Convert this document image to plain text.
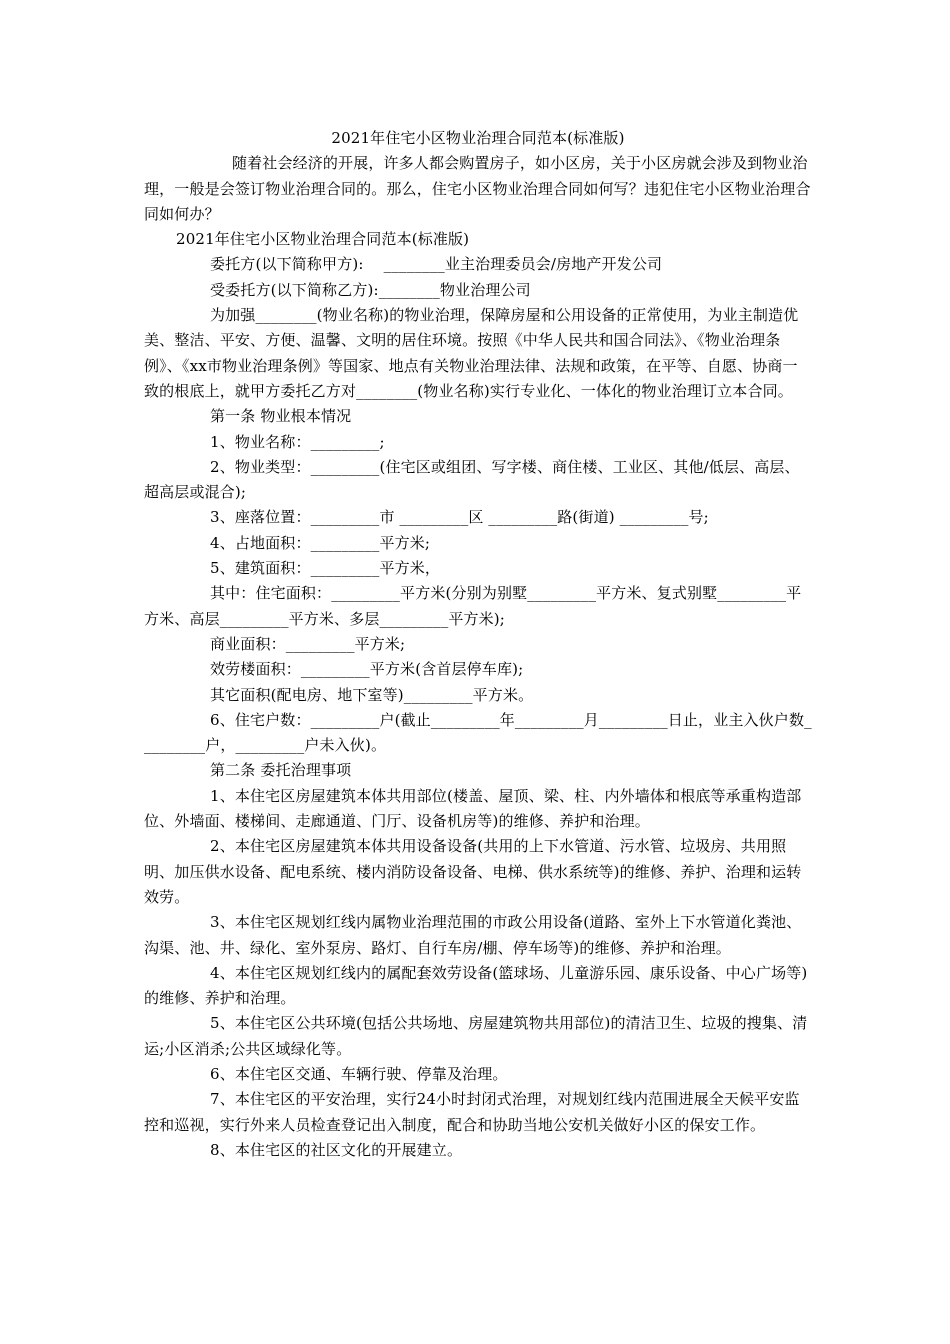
2021年住宅小区物业治理合同范本(标准版)

随着社会经济的开展，许多人都会购置房子，如小区房，关于小区房就会涉及到物业治理，一般是会签订物业治理合同的。那么，住宅小区物业治理合同如何写？违犯住宅小区物业治理合同如何办？

2021年住宅小区物业治理合同范本(标准版)

委托方(以下简称甲方):　 ________业主治理委员会/房地产开发公司

受委托方(以下简称乙方):________物业治理公司

为加强________(物业名称)的物业治理，保障房屋和公用设备的正常使用，为业主制造优美、整洁、平安、方便、温馨、文明的居住环境。按照《中华人民共和国合同法》、《物业治理条例》、《xx市物业治理条例》等国家、地点有关物业治理法律、法规和政策，在平等、自愿、协商一致的根底上，就甲方委托乙方对________(物业名称)实行专业化、一体化的物业治理订立本合同。

第一条 物业根本情况

1、物业名称：_________;

2、物业类型：_________(住宅区或组团、写字楼、商住楼、工业区、其他/低层、高层、超高层或混合);

3、座落位置：_________市 _________区 _________路(街道) _________号;

4、占地面积：_________平方米;

5、建筑面积：_________平方米，

其中：住宅面积：_________平方米(分别为别墅_________平方米、复式别墅_________平方米、高层_________平方米、多层_________平方米);

商业面积：_________平方米;

效劳楼面积：_________平方米(含首层停车库);

其它面积(配电房、地下室等)_________平方米。

6、住宅户数：_________户(截止_________年_________月_________日止，业主入伙户数_________户，_________户未入伙)。

第二条 委托治理事项

1、本住宅区房屋建筑本体共用部位(楼盖、屋顶、梁、柱、内外墙体和根底等承重构造部位、外墙面、楼梯间、走廊通道、门厅、设备机房等)的维修、养护和治理。

2、本住宅区房屋建筑本体共用设备设备(共用的上下水管道、污水管、垃圾房、共用照明、加压供水设备、配电系统、楼内消防设备设备、电梯、供水系统等)的维修、养护、治理和运转效劳。

3、本住宅区规划红线内属物业治理范围的市政公用设备(道路、室外上下水管道化粪池、沟渠、池、井、绿化、室外泵房、路灯、自行车房/棚、停车场等)的维修、养护和治理。

4、本住宅区规划红线内的属配套效劳设备(篮球场、儿童游乐园、康乐设备、中心广场等)的维修、养护和治理。

5、本住宅区公共环境(包括公共场地、房屋建筑物共用部位)的清洁卫生、垃圾的搜集、清运;小区消杀;公共区域绿化等。

6、本住宅区交通、车辆行驶、停靠及治理。

7、本住宅区的平安治理，实行24小时封闭式治理，对规划红线内范围进展全天候平安监控和巡视，实行外来人员检查登记出入制度，配合和协助当地公安机关做好小区的保安工作。

8、本住宅区的社区文化的开展建立。
